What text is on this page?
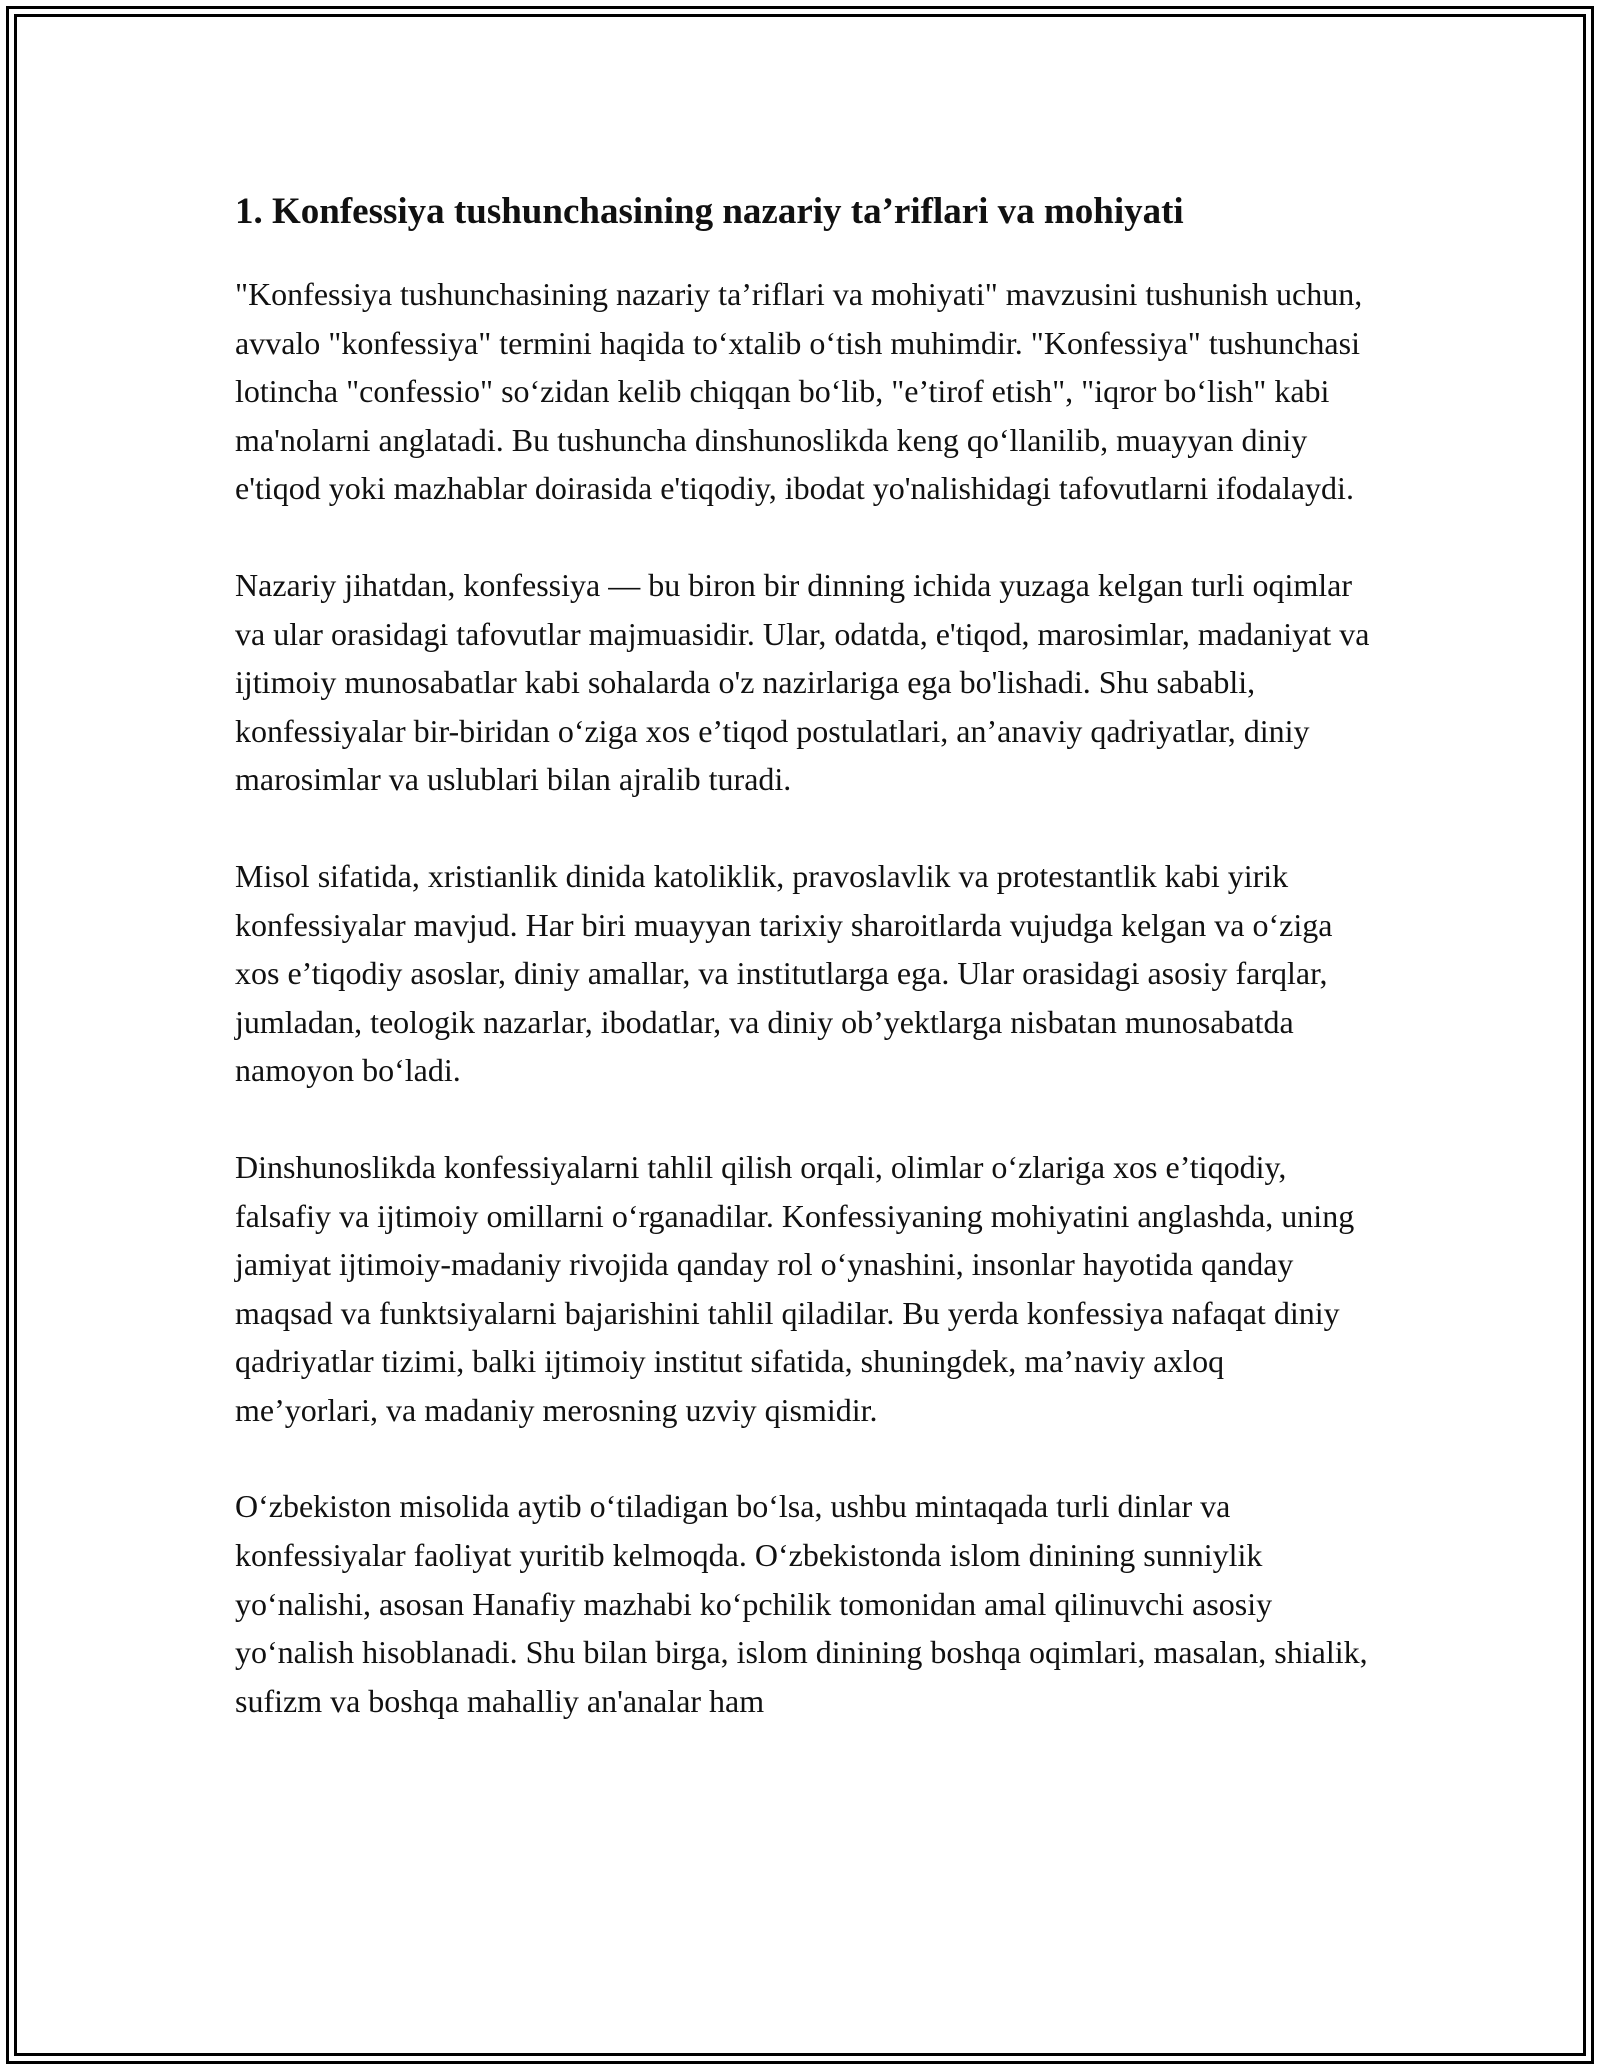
1. Konfessiya tushunchasining nazariy ta’riflari va mohiyati

"Konfessiya tushunchasining nazariy ta’riflari va mohiyati" mavzusini tushunish uchun, avvalo "konfessiya" termini haqida to‘xtalib o‘tish muhimdir. "Konfessiya" tushunchasi lotincha "confessio" so‘zidan kelib chiqqan bo‘lib, "e’tirof etish", "iqror bo‘lish" kabi ma'nolarni anglatadi. Bu tushuncha dinshunoslikda keng qo‘llanilib, muayyan diniy e'tiqod yoki mazhablar doirasida e'tiqodiy, ibodat yo'nalishidagi tafovutlarni ifodalaydi.

Nazariy jihatdan, konfessiya — bu biron bir dinning ichida yuzaga kelgan turli oqimlar va ular orasidagi tafovutlar majmuasidir. Ular, odatda, e'tiqod, marosimlar, madaniyat va ijtimoiy munosabatlar kabi sohalarda o'z nazirlariga ega bo'lishadi. Shu sababli, konfessiyalar bir-biridan o‘ziga xos e’tiqod postulatlari, an’anaviy qadriyatlar, diniy marosimlar va uslublari bilan ajralib turadi.

Misol sifatida, xristianlik dinida katoliklik, pravoslavlik va protestantlik kabi yirik konfessiyalar mavjud. Har biri muayyan tarixiy sharoitlarda vujudga kelgan va o‘ziga xos e’tiqodiy asoslar, diniy amallar, va institutlarga ega. Ular orasidagi asosiy farqlar, jumladan, teologik nazarlar, ibodatlar, va diniy ob’yektlarga nisbatan munosabatda namoyon bo‘ladi.

Dinshunoslikda konfessiyalarni tahlil qilish orqali, olimlar o‘zlariga xos e’tiqodiy, falsafiy va ijtimoiy omillarni o‘rganadilar. Konfessiyaning mohiyatini anglashda, uning jamiyat ijtimoiy-madaniy rivojida qanday rol o‘ynashini, insonlar hayotida qanday maqsad va funktsiyalarni bajarishini tahlil qiladilar. Bu yerda konfessiya nafaqat diniy qadriyatlar tizimi, balki ijtimoiy institut sifatida, shuningdek, ma’naviy axloq me’yorlari, va madaniy merosning uzviy qismidir.

O‘zbekiston misolida aytib o‘tiladigan bo‘lsa, ushbu mintaqada turli dinlar va konfessiyalar faoliyat yuritib kelmoqda. O‘zbekistonda islom dinining sunniylik yo‘nalishi, asosan Hanafiy mazhabi ko‘pchilik tomonidan amal qilinuvchi asosiy yo‘nalish hisoblanadi. Shu bilan birga, islom dinining boshqa oqimlari, masalan, shialik, sufizm va boshqa mahalliy an'analar ham
